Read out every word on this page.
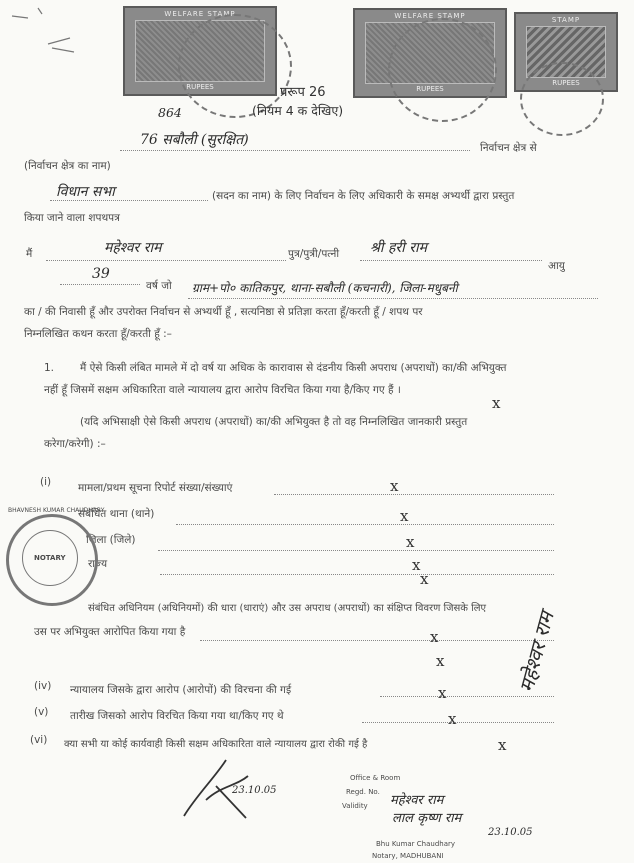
WELFARE STAMP
RUPEES
WELFARE STAMP
RUPEES
STAMP
RUPEES
प्ररूप 26
(नियम 4 क देखिए)
864
76 सबौली (सुरक्षित)	निर्वाचन क्षेत्र से
(निर्वाचन क्षेत्र का नाम)
विधान सभा	(सदन का नाम) के लिए निर्वाचन के लिए अधिकारी के समक्ष अभ्यर्थी द्वारा प्रस्तुत
किया जाने वाला शपथपत्र
मैं	महेश्वर राम	पुत्र/पुत्री/पत्नी श्री हरी राम
आयु
39
वर्ष जो ग्राम+पो० कातिकपुर, थाना-सबौली (कचनारी), जिला-मधुबनी
का / की निवासी हूँ और उपरोक्त निर्वाचन से अभ्यर्थी हूँ , सत्यनिष्ठा से प्रतिज्ञा करता हूँ/करती हूँ / शपथ पर
निम्नलिखित कथन करता हूँ/करती हूँ :–
1. मैं ऐसे किसी लंबित मामले में दो वर्ष या अधिक के कारावास से दंडनीय किसी अपराध (अपराधों) का/की अभियुक्त
नहीं हूँ जिसमें सक्षम अधिकारिता वाले न्यायालय द्वारा आरोप विरचित किया गया है/किए गए हैं ।
x
(यदि अभिसाक्षी ऐसे किसी अपराध (अपराधों) का/की अभियुक्त है तो वह निम्नलिखित जानकारी प्रस्तुत
करेगा/करेगी) :–
(i)	मामला/प्रथम सूचना रिपोर्ट संख्या/संख्याएं	x
संबंधित थाना (थाने)	x
जिला (जिले)	x
राज्य	x
x
संबंधित अधिनियम (अधिनियमों) की धारा (धाराएं) और उस अपराध (अपराधों) का संक्षिप्त विवरण जिसके लिए
उस पर अभियुक्त आरोपित किया गया है	x
(iv) न्यायालय जिसके द्वारा आरोप (आरोपों) की विरचना की गई	x
(v) तारीख जिसको आरोप विरचित किया गया था/किए गए थे	x
(vi) क्या सभी या कोई कार्यवाही किसी सक्षम अधिकारिता वाले न्यायालय द्वारा रोकी गई है	x
x
NOTARY
BHAVNESH KUMAR CHAUDHARY
महेश्वर राम
23.10.05
Office & Room
Regd. No.
Validity महेश्वर राम
लाल कृष्ण राम
23.10.05
Bhu Kumar Chaudhary
Notary, MADHUBANI
